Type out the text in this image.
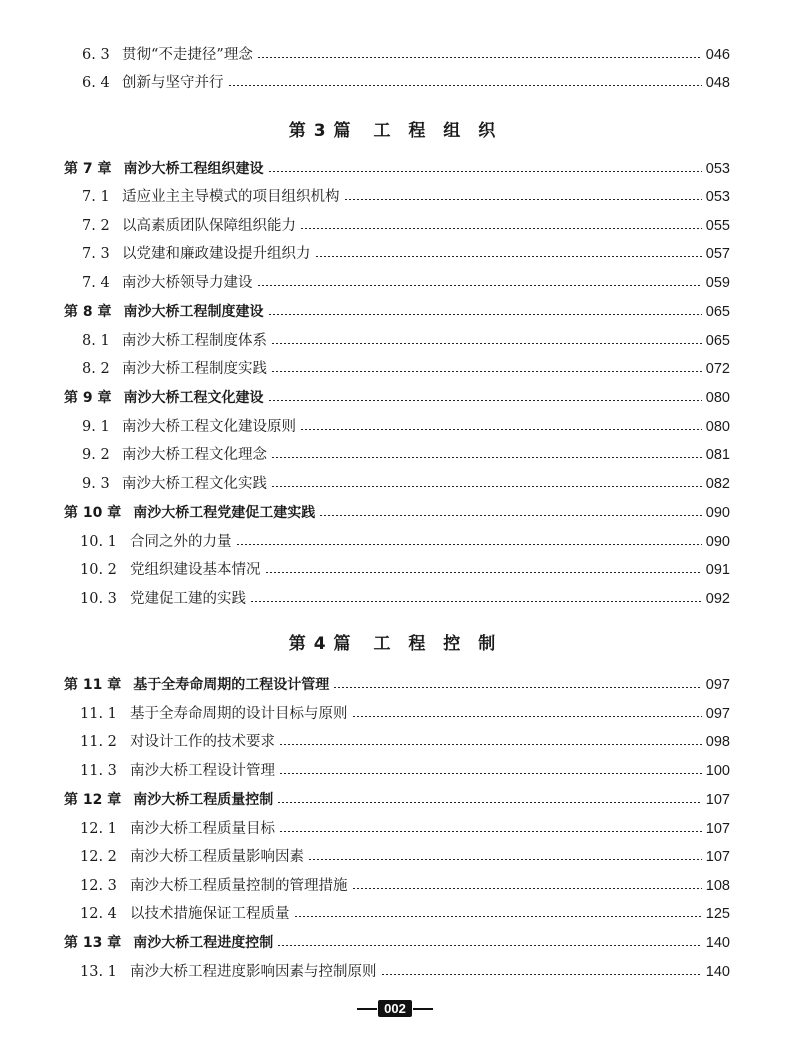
6. 3 贯彻“不走捷径”理念	046
6. 4 创新与坚守并行	048
第 3 篇 工 程 组 织
第 7 章 南沙大桥工程组织建设	053
7. 1 适应业主主导模式的项目组织机构	053
7. 2 以高素质团队保障组织能力	055
7. 3 以党建和廉政建设提升组织力	057
7. 4 南沙大桥领导力建设	059
第 8 章 南沙大桥工程制度建设	065
8. 1 南沙大桥工程制度体系	065
8. 2 南沙大桥工程制度实践	072
第 9 章 南沙大桥工程文化建设	080
9. 1 南沙大桥工程文化建设原则	080
9. 2 南沙大桥工程文化理念	081
9. 3 南沙大桥工程文化实践	082
第 10 章 南沙大桥工程党建促工建实践	090
10. 1 合同之外的力量	090
10. 2 党组织建设基本情况	091
10. 3 党建促工建的实践	092
第 4 篇 工 程 控 制
第 11 章 基于全寿命周期的工程设计管理	097
11. 1 基于全寿命周期的设计目标与原则	097
11. 2 对设计工作的技术要求	098
11. 3 南沙大桥工程设计管理	100
第 12 章 南沙大桥工程质量控制	107
12. 1 南沙大桥工程质量目标	107
12. 2 南沙大桥工程质量影响因素	107
12. 3 南沙大桥工程质量控制的管理措施	108
12. 4 以技术措施保证工程质量	125
第 13 章 南沙大桥工程进度控制	140
13. 1 南沙大桥工程进度影响因素与控制原则	140
002
